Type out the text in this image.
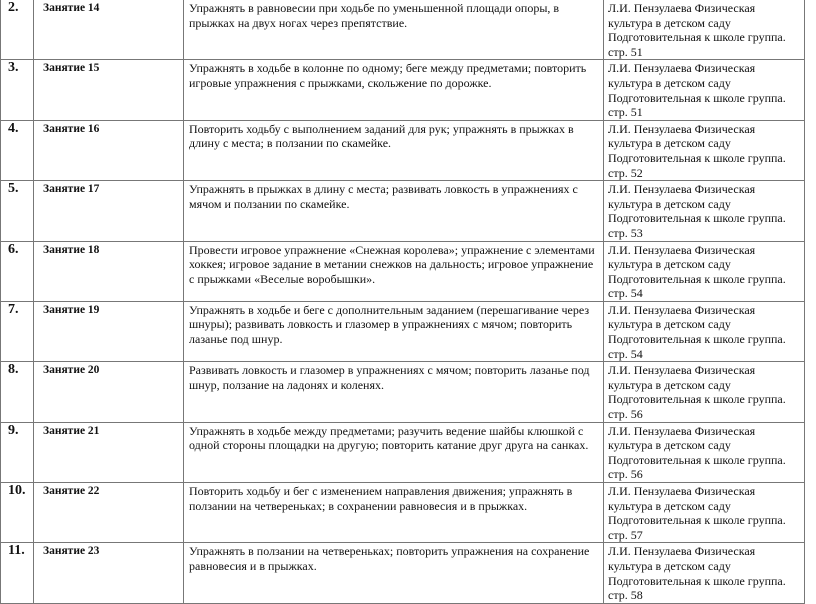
2.	Занятие 14	Упражнять в равновесии при ходьбе по уменьшенной площади опоры, в прыжках на двух ногах через препятствие.	Л.И. Пензулаева Физическая
культура в детском саду
Подготовительная к школе группа.
стр. 51

3.	Занятие 15	Упражнять в ходьбе в колонне по одному; беге между предметами; повторить игровые упражнения с прыжками, скольжение по дорожке.	Л.И. Пензулаева Физическая
культура в детском саду
Подготовительная к школе группа.
стр. 51

4.	Занятие 16	Повторить ходьбу с выполнением заданий для рук; упражнять в прыжках в длину с места; в ползании по скамейке.	Л.И. Пензулаева Физическая
культура в детском саду
Подготовительная к школе группа.
стр. 52

5.	Занятие 17	Упражнять в прыжках в длину с места; развивать ловкость в упражнениях с мячом и ползании по скамейке.	Л.И. Пензулаева Физическая
культура в детском саду
Подготовительная к школе группа.
стр. 53

6.	Занятие 18	Провести игровое упражнение «Снежная королева»; упражнение с элементами хоккея; игровое задание в метании снежков на дальность; игровое упражнение с прыжками «Веселые воробышки».	Л.И. Пензулаева Физическая
культура в детском саду
Подготовительная к школе группа.
стр. 54

7.	Занятие 19	Упражнять в ходьбе и беге с дополнительным заданием (перешагивание через шнуры); развивать ловкость и глазомер в упражнениях с мячом; повторить лазанье под шнур.	Л.И. Пензулаева Физическая
культура в детском саду
Подготовительная к школе группа.
стр. 54

8.	Занятие 20	Развивать ловкость и глазомер в упражнениях с мячом; повторить лазанье под шнур, ползание на ладонях и коленях.	Л.И. Пензулаева Физическая
культура в детском саду
Подготовительная к школе группа.
стр. 56

9.	Занятие 21	Упражнять в ходьбе между предметами; разучить ведение шайбы клюшкой с одной стороны площадки на другую; повторить катание друг друга на санках.	Л.И. Пензулаева Физическая
культура в детском саду
Подготовительная к школе группа.
стр. 56

10.	Занятие 22	Повторить ходьбу и бег с изменением направления движения; упражнять в ползании на четвереньках; в сохранении равновесия и в прыжках.	Л.И. Пензулаева Физическая
культура в детском саду
Подготовительная к школе группа.
стр. 57

11.	Занятие 23	Упражнять в ползании на четвереньках; повторить упражнения на сохранение равновесия и в прыжках.	Л.И. Пензулаева Физическая
культура в детском саду
Подготовительная к школе группа.
стр. 58
